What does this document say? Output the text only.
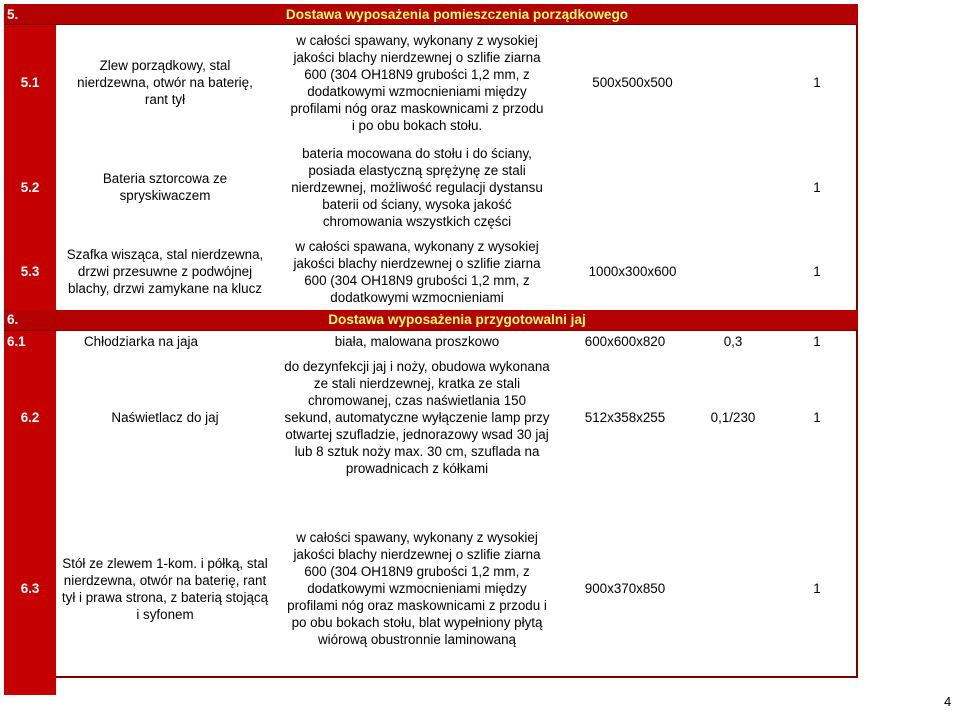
5.	Dostawa wyposażenia pomieszczenia porządkowego				
5.1	Zlew porządkowy, stal nierdzewna, otwór na baterię, rant tył	w całości spawany, wykonany z wysokiej jakości blachy nierdzewnej o szlifie ziarna 600 (304 OH18N9 grubości 1,2 mm, z dodatkowymi wzmocnieniami między profilami nóg oraz maskownicami z przodu i po obu bokach stołu.	500x500x500		1
5.2	Bateria sztorcowa ze spryskiwaczem	bateria mocowana do stołu i do ściany, posiada elastyczną sprężynę ze stali nierdzewnej, możliwość regulacji dystansu baterii od ściany, wysoka jakość chromowania wszystkich części			1
5.3	Szafka wisząca, stal nierdzewna, drzwi przesuwne z podwójnej blachy, drzwi zamykane na klucz	w całości spawana, wykonany z wysokiej jakości blachy nierdzewnej o szlifie ziarna 600 (304 OH18N9 grubości 1,2 mm, z dodatkowymi wzmocnieniami	1000x300x600		1
6.	Dostawa wyposażenia przygotowalni jaj				
6.1	Chłodziarka na jaja	biała, malowana proszkowo	600x600x820	0,3	1
6.2	Naświetlacz do jaj	do dezynfekcji jaj i noży, obudowa wykonana ze stali nierdzewnej, kratka ze stali chromowanej, czas naświetlania 150 sekund, automatyczne wyłączenie lamp przy otwartej szufladzie, jednorazowy wsad 30 jaj lub 8 sztuk noży max. 30 cm, szuflada na prowadnicach z kółkami	512x358x255	0,1/230	1
6.3	Stół ze zlewem 1-kom. i półką, stal nierdzewna, otwór na baterię, rant tył i prawa strona, z baterią stojącą i syfonem	w całości spawany, wykonany z wysokiej jakości blachy nierdzewnej o szlifie ziarna 600 (304 OH18N9 grubości 1,2 mm, z dodatkowymi wzmocnieniami między profilami nóg oraz maskownicami z przodu i po obu bokach stołu, blat wypełniony płytą wiórową obustronnie laminowaną	900x370x850		1
4
